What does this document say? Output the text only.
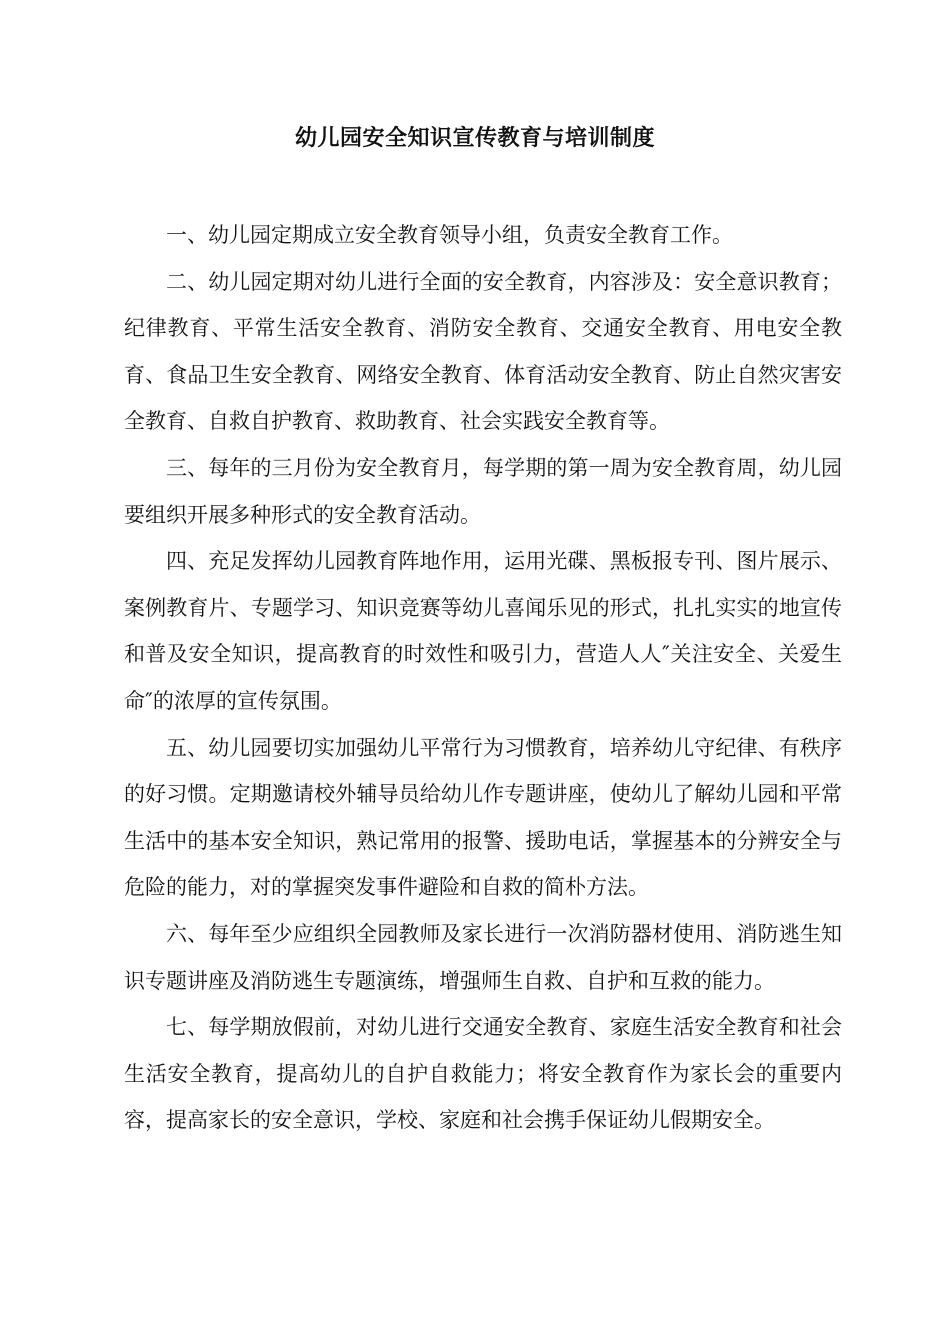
幼儿园安全知识宣传教育与培训制度

一、幼儿园定期成立安全教育领导小组，负责安全教育工作。

二、幼儿园定期对幼儿进行全面的安全教育，内容涉及：安全意识教育；纪律教育、平常生活安全教育、消防安全教育、交通安全教育、用电安全教育、食品卫生安全教育、网络安全教育、体育活动安全教育、防止自然灾害安全教育、自救自护教育、救助教育、社会实践安全教育等。

三、每年的三月份为安全教育月，每学期的第一周为安全教育周，幼儿园要组织开展多种形式的安全教育活动。

四、充足发挥幼儿园教育阵地作用，运用光碟、黑板报专刊、图片展示、案例教育片、专题学习、知识竞赛等幼儿喜闻乐见的形式，扎扎实实的地宣传和普及安全知识，提高教育的时效性和吸引力，营造人人″关注安全、关爱生命″的浓厚的宣传氛围。

五、幼儿园要切实加强幼儿平常行为习惯教育，培养幼儿守纪律、有秩序的好习惯。定期邀请校外辅导员给幼儿作专题讲座，使幼儿了解幼儿园和平常生活中的基本安全知识，熟记常用的报警、援助电话，掌握基本的分辨安全与危险的能力，对的掌握突发事件避险和自救的简朴方法。

六、每年至少应组织全园教师及家长进行一次消防器材使用、消防逃生知识专题讲座及消防逃生专题演练，增强师生自救、自护和互救的能力。

七、每学期放假前，对幼儿进行交通安全教育、家庭生活安全教育和社会生活安全教育，提高幼儿的自护自救能力；将安全教育作为家长会的重要内容，提高家长的安全意识，学校、家庭和社会携手保证幼儿假期安全。
